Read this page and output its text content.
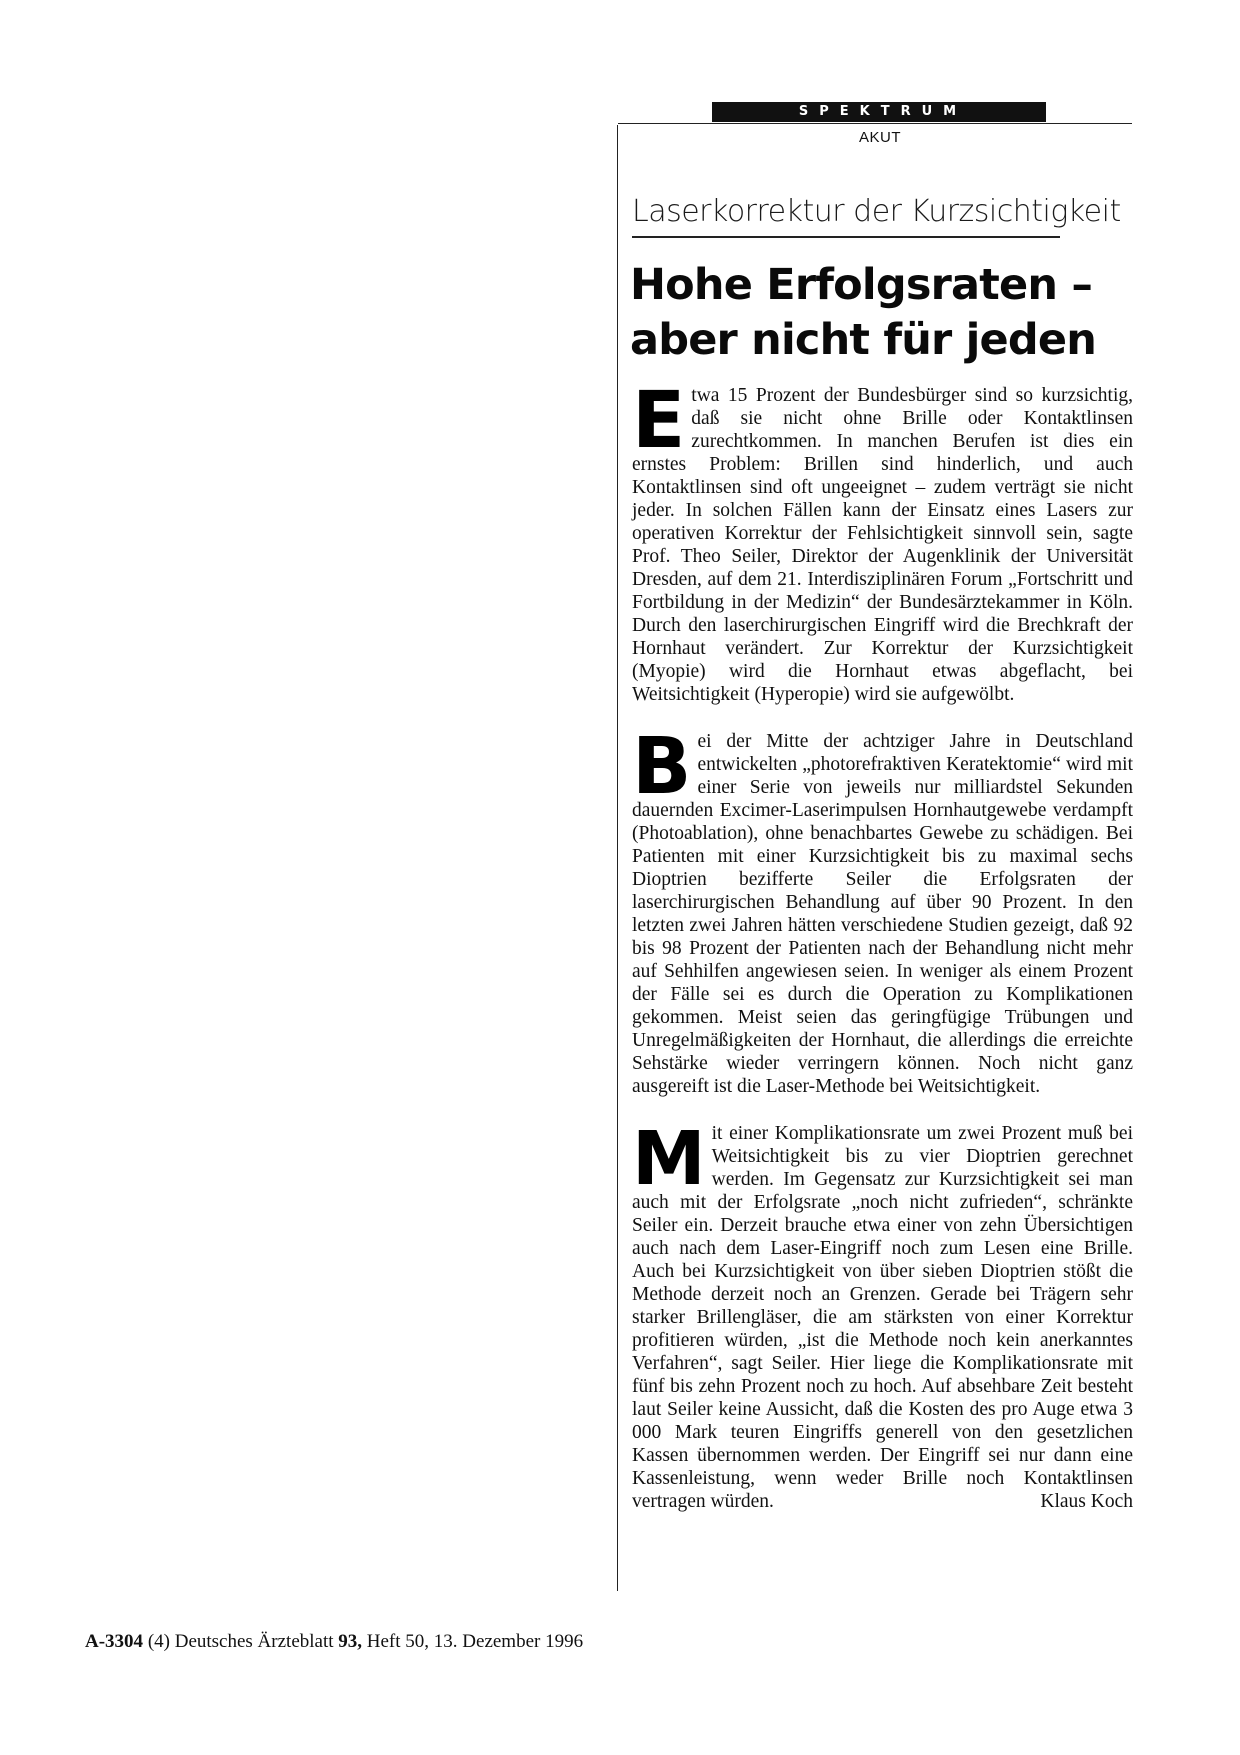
SPEKTRUM
AKUT
Laserkorrektur der Kurzsichtigkeit
Hohe Erfolgsraten –
aber nicht für jeden

Etwa 15 Prozent der Bundesbürger sind so kurzsichtig, daß sie nicht ohne Brille oder Kontaktlinsen zurechtkommen. In manchen Berufen ist dies ein ernstes Problem: Brillen sind hinderlich, und auch Kontaktlinsen sind oft ungeeignet – zudem verträgt sie nicht jeder. In solchen Fällen kann der Einsatz eines Lasers zur operativen Korrektur der Fehlsichtigkeit sinnvoll sein, sagte Prof. Theo Seiler, Direktor der Augenklinik der Universität Dresden, auf dem 21. Interdisziplinären Forum „Fortschritt und Fortbildung in der Medizin“ der Bundesärztekammer in Köln. Durch den laserchirurgischen Eingriff wird die Brechkraft der Hornhaut verändert. Zur Korrektur der Kurzsichtigkeit (Myopie) wird die Hornhaut etwas abgeflacht, bei Weitsichtigkeit (Hyperopie) wird sie aufgewölbt.

Bei der Mitte der achtziger Jahre in Deutschland entwickelten „photorefraktiven Keratektomie“ wird mit einer Serie von jeweils nur milliardstel Sekunden dauernden Excimer-Laserimpulsen Hornhautgewebe verdampft (Photoablation), ohne benachbartes Gewebe zu schädigen. Bei Patienten mit einer Kurzsichtigkeit bis zu maximal sechs Dioptrien bezifferte Seiler die Erfolgsraten der laserchirurgischen Behandlung auf über 90 Prozent. In den letzten zwei Jahren hätten verschiedene Studien gezeigt, daß 92 bis 98 Prozent der Patienten nach der Behandlung nicht mehr auf Sehhilfen angewiesen seien. In weniger als einem Prozent der Fälle sei es durch die Operation zu Komplikationen gekommen. Meist seien das geringfügige Trübungen und Unregelmäßigkeiten der Hornhaut, die allerdings die erreichte Sehstärke wieder verringern können. Noch nicht ganz ausgereift ist die Laser-Methode bei Weitsichtigkeit.

Mit einer Komplikationsrate um zwei Prozent muß bei Weitsichtigkeit bis zu vier Dioptrien gerechnet werden. Im Gegensatz zur Kurzsichtigkeit sei man auch mit der Erfolgsrate „noch nicht zufrieden“, schränkte Seiler ein. Derzeit brauche etwa einer von zehn Übersichtigen auch nach dem Laser-Eingriff noch zum Lesen eine Brille. Auch bei Kurzsichtigkeit von über sieben Dioptrien stößt die Methode derzeit noch an Grenzen. Gerade bei Trägern sehr starker Brillengläser, die am stärksten von einer Korrektur profitieren würden, „ist die Methode noch kein anerkanntes Verfahren“, sagt Seiler. Hier liege die Komplikationsrate mit fünf bis zehn Prozent noch zu hoch. Auf absehbare Zeit besteht laut Seiler keine Aussicht, daß die Kosten des pro Auge etwa 3 000 Mark teuren Eingriffs generell von den gesetzlichen Kassen übernommen werden. Der Eingriff sei nur dann eine Kassenleistung, wenn weder Brille noch Kontaktlinsen vertragen würden.	Klaus Koch

A-3304 (4) Deutsches Ärzteblatt 93, Heft 50, 13. Dezember 1996
